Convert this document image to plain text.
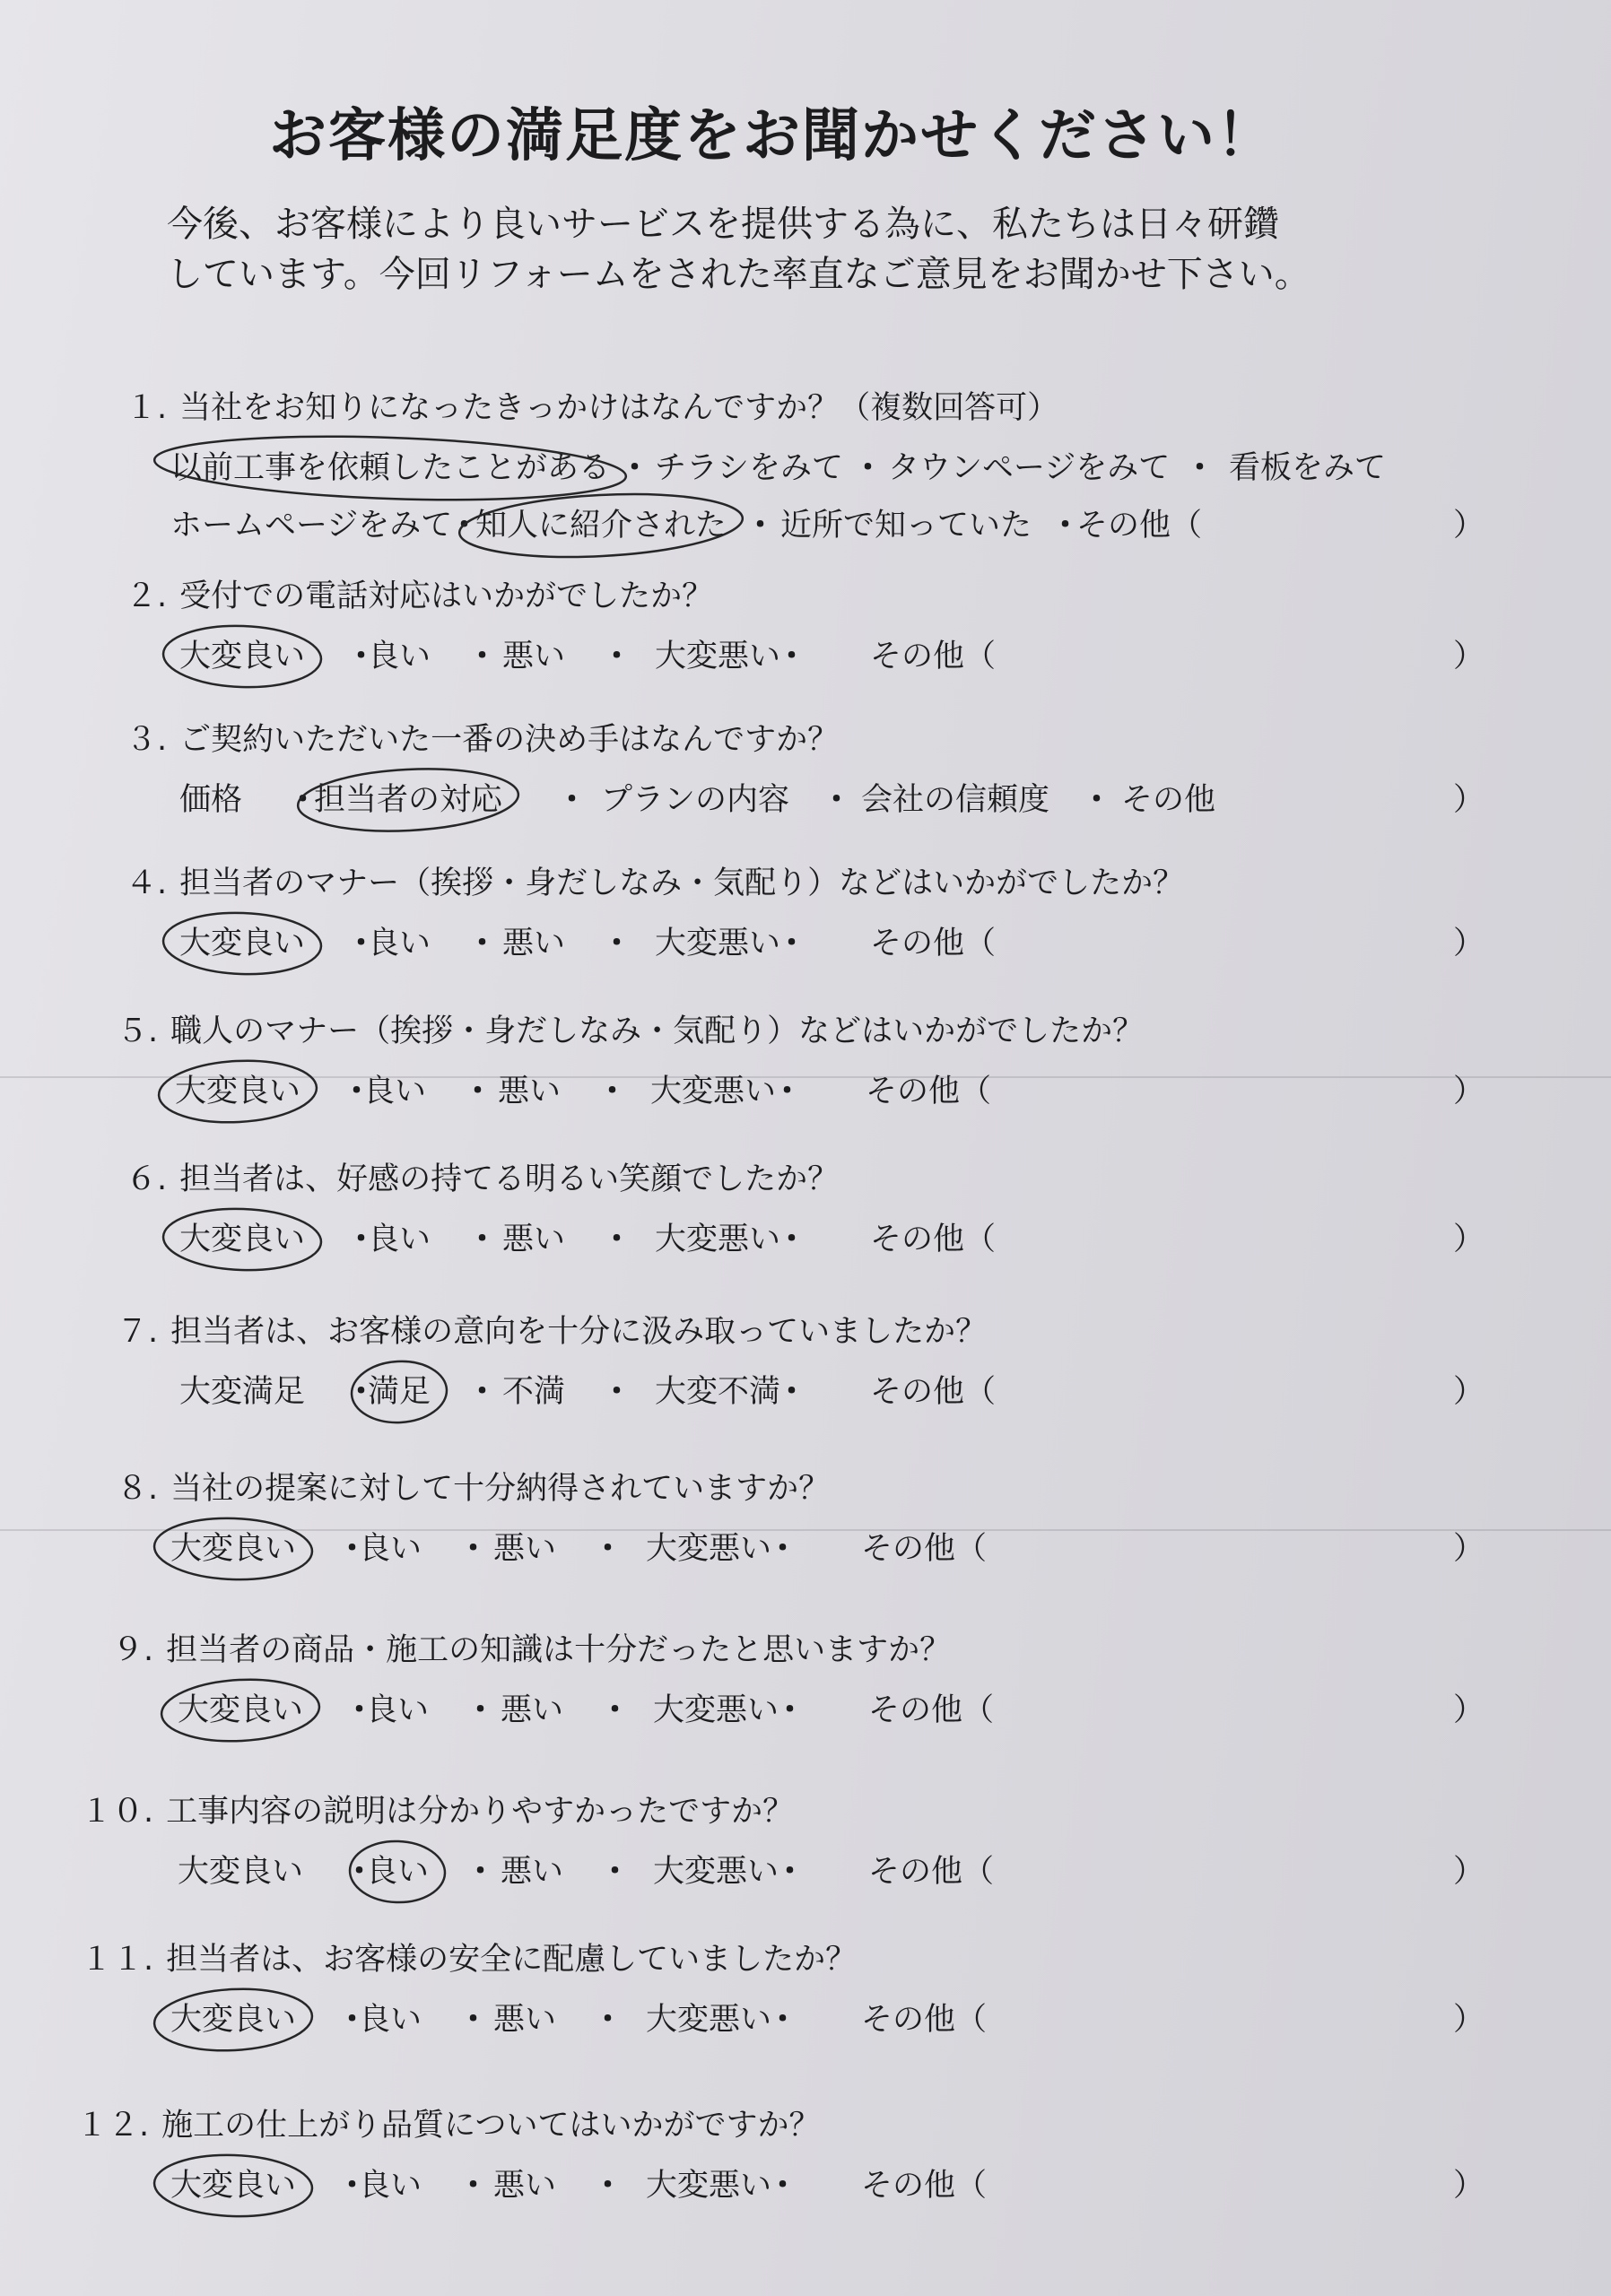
お客様の満足度をお聞かせください！
今後、お客様により良いサービスを提供する為に、私たちは日々研鑽
しています。今回リフォームをされた率直なご意見をお聞かせ下さい。
１. 当社をお知りになったきっかけはなんですか？（複数回答可）
以前工事を依頼したことがある チラシをみて タウンページをみて 看板をみて
・	・	・
ホームページをみて 知人に紹介された 近所で知っていた その他（
・	・	・	）
２. 受付での電話対応はいかがでしたか？
大変良い 良い 悪い	大変悪い	その他（
・	・	・	・	）
３. ご契約いただいた一番の決め手はなんですか？
価格 担当者の対応	プランの内容 会社の信頼度 その他
・	・	・	・	）
４. 担当者のマナー（挨拶・身だしなみ・気配り）などはいかがでしたか？
大変良い 良い 悪い	大変悪い	その他（
・	・	・	・	）
５. 職人のマナー（挨拶・身だしなみ・気配り）などはいかがでしたか？
大変良い 良い 悪い	大変悪い	その他（
・	・	・	・	）
６. 担当者は、好感の持てる明るい笑顔でしたか？
大変良い 良い 悪い	大変悪い	その他（
・	・	・	・	）
７. 担当者は、お客様の意向を十分に汲み取っていましたか？
大変満足 満足 不満	大変不満	その他（
・	・	・	・	）
８. 当社の提案に対して十分納得されていますか？
大変良い 良い 悪い	大変悪い	その他（
・	・	・	・	）
９. 担当者の商品・施工の知識は十分だったと思いますか？
大変良い 良い 悪い	大変悪い	その他（
・	・	・	・	）
１０. 工事内容の説明は分かりやすかったですか？
大変良い 良い 悪い	大変悪い	その他（
・	・	・	・	）
１１. 担当者は、お客様の安全に配慮していましたか？
大変良い 良い 悪い	大変悪い	その他（
・	・	・	・	）
１２. 施工の仕上がり品質についてはいかがですか？
大変良い 良い 悪い	大変悪い	その他（
・	・	・	・	）
